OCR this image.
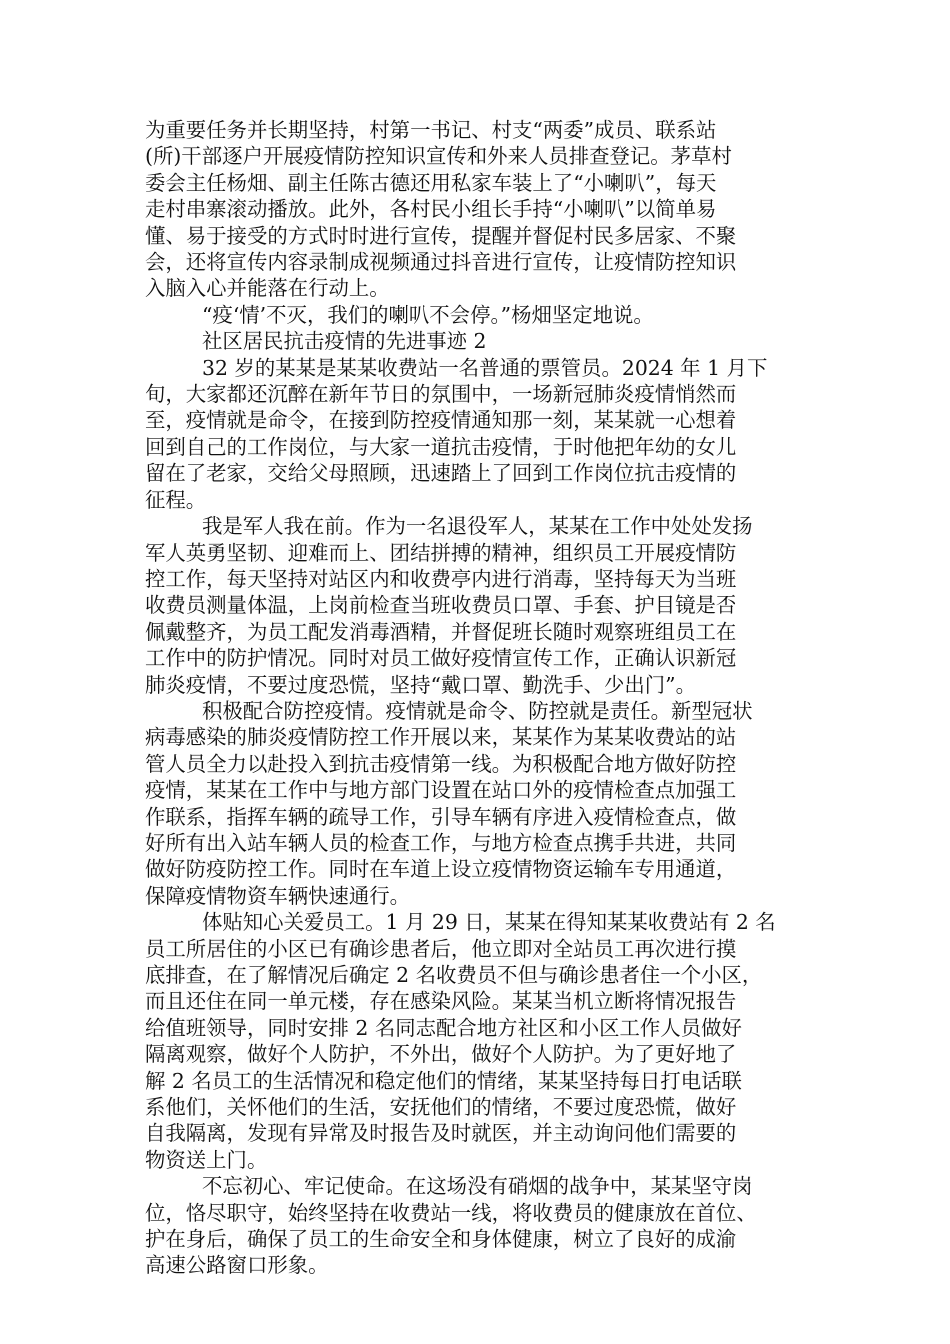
为重要任务并长期坚持，村第一书记、村支“两委”成员、联系站
(所)干部逐户开展疫情防控知识宣传和外来人员排查登记。茅草村
委会主任杨畑、副主任陈古德还用私家车装上了“小喇叭”，每天
走村串寨滚动播放。此外，各村民小组长手持“小喇叭”以简单易
懂、易于接受的方式时时进行宣传，提醒并督促村民多居家、不聚
会，还将宣传内容录制成视频通过抖音进行宣传，让疫情防控知识
入脑入心并能落在行动上。
“疫‘情’不灭，我们的喇叭不会停。”杨畑坚定地说。
社区居民抗击疫情的先进事迹 2
32 岁的某某是某某收费站一名普通的票管员。2024 年 1 月下
旬，大家都还沉醉在新年节日的氛围中，一场新冠肺炎疫情悄然而
至，疫情就是命令，在接到防控疫情通知那一刻，某某就一心想着
回到自己的工作岗位，与大家一道抗击疫情，于时他把年幼的女儿
留在了老家，交给父母照顾，迅速踏上了回到工作岗位抗击疫情的
征程。
我是军人我在前。作为一名退役军人，某某在工作中处处发扬
军人英勇坚韧、迎难而上、团结拼搏的精神，组织员工开展疫情防
控工作，每天坚持对站区内和收费亭内进行消毒，坚持每天为当班
收费员测量体温，上岗前检查当班收费员口罩、手套、护目镜是否
佩戴整齐，为员工配发消毒酒精，并督促班长随时观察班组员工在
工作中的防护情况。同时对员工做好疫情宣传工作，正确认识新冠
肺炎疫情，不要过度恐慌，坚持“戴口罩、勤洗手、少出门”。
积极配合防控疫情。疫情就是命令、防控就是责任。新型冠状
病毒感染的肺炎疫情防控工作开展以来，某某作为某某收费站的站
管人员全力以赴投入到抗击疫情第一线。为积极配合地方做好防控
疫情，某某在工作中与地方部门设置在站口外的疫情检查点加强工
作联系，指挥车辆的疏导工作，引导车辆有序进入疫情检查点，做
好所有出入站车辆人员的检查工作，与地方检查点携手共进，共同
做好防疫防控工作。同时在车道上设立疫情物资运输车专用通道，
保障疫情物资车辆快速通行。
体贴知心关爱员工。1 月 29 日，某某在得知某某收费站有 2 名
员工所居住的小区已有确诊患者后，他立即对全站员工再次进行摸
底排查，在了解情况后确定 2 名收费员不但与确诊患者住一个小区，
而且还住在同一单元楼，存在感染风险。某某当机立断将情况报告
给值班领导，同时安排 2 名同志配合地方社区和小区工作人员做好
隔离观察，做好个人防护，不外出，做好个人防护。为了更好地了
解 2 名员工的生活情况和稳定他们的情绪，某某坚持每日打电话联
系他们，关怀他们的生活，安抚他们的情绪，不要过度恐慌，做好
自我隔离，发现有异常及时报告及时就医，并主动询问他们需要的
物资送上门。
不忘初心、牢记使命。在这场没有硝烟的战争中，某某坚守岗
位，恪尽职守，始终坚持在收费站一线，将收费员的健康放在首位、
护在身后，确保了员工的生命安全和身体健康，树立了良好的成渝
高速公路窗口形象。
